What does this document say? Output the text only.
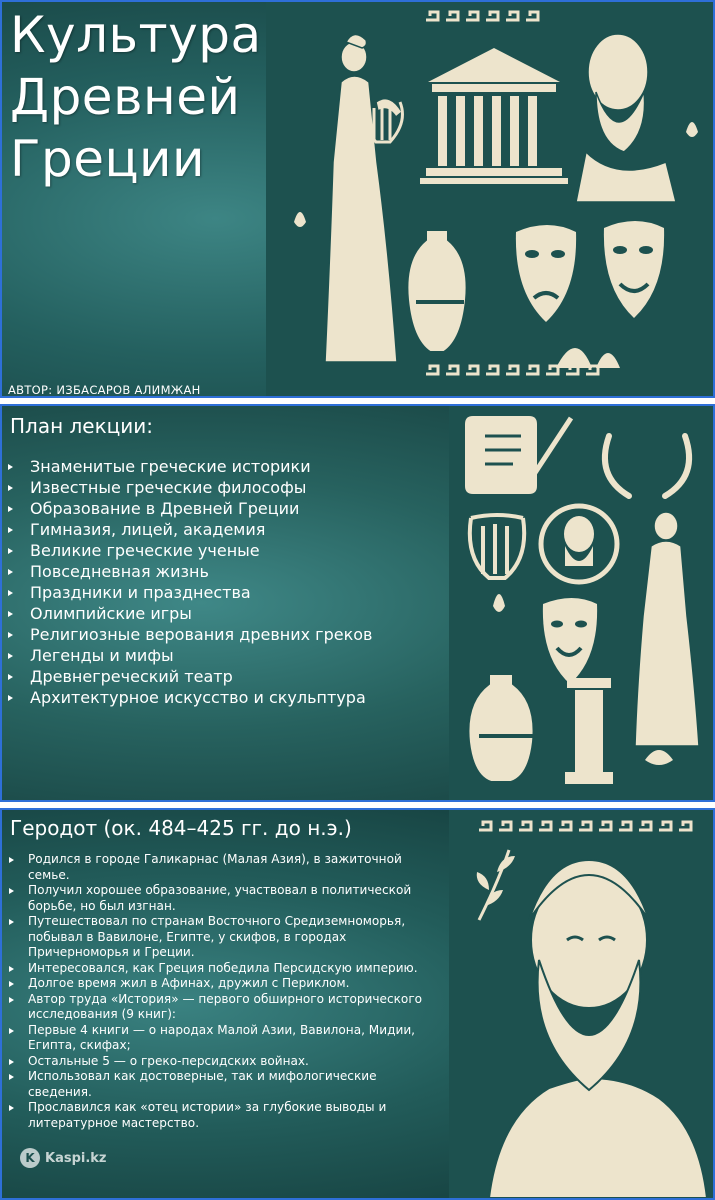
Культура
Древней
Греции
АВТОР: ИЗБАСАРОВ АЛИМЖАН
План лекции:
Знаменитые греческие историки
Известные греческие философы
Образование в Древней Греции
Гимназия, лицей, академия
Великие греческие ученые
Повседневная жизнь
Праздники и празднества
Олимпийские игры
Религиозные верования древних греков
Легенды и мифы
Древнегреческий театр
Архитектурное искусство и скульптура
Геродот (ок. 484–425 гг. до н.э.)
Родился в городе Галикарнас (Малая Азия), в зажиточной семье.
Получил хорошее образование, участвовал в политической борьбе, но был изгнан.
Путешествовал по странам Восточного Средиземноморья, побывал в Вавилоне, Египте, у скифов, в городах Причерноморья и Греции.
Интересовался, как Греция победила Персидскую империю.
Долгое время жил в Афинах, дружил с Периклом.
Автор труда «История» — первого обширного исторического исследования (9 книг):
Первые 4 книги — о народах Малой Азии, Вавилона, Мидии, Египта, скифах;
Остальные 5 — о греко-персидских войнах.
Использовал как достоверные, так и мифологические сведения.
Прославился как «отец истории» за глубокие выводы и литературное мастерство.
K Kaspi.kz
